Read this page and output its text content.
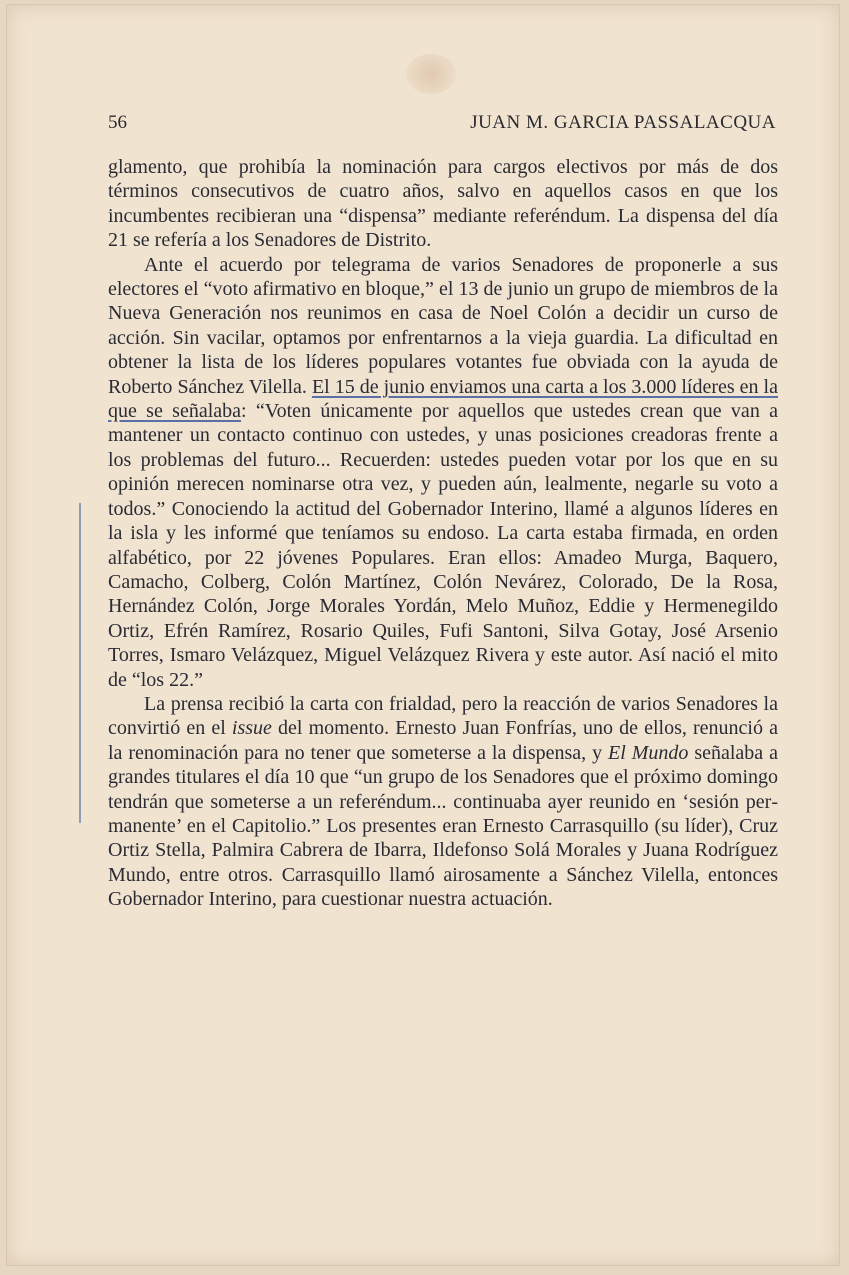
56	JUAN M. GARCIA PASSALACQUA

glamento, que prohibía la nominación para cargos electivos por más de dos términos consecutivos de cuatro años, salvo en aquellos casos en que los incumbentes recibieran una “dispensa” mediante referéndum. La dispensa del día 21 se refería a los Senadores de Distrito.

Ante el acuerdo por telegrama de varios Senadores de proponerle a sus electores el “voto afirmativo en bloque,” el 13 de junio un grupo de miembros de la Nueva Generación nos reunimos en casa de Noel Colón a decidir un curso de acción. Sin vacilar, optamos por enfrentarnos a la vieja guardia. La dificultad en obtener la lista de los líderes populares votantes fue obviada con la ayuda de Roberto Sánchez Vilella. El 15 de junio enviamos una carta a los 3.000 líderes en la que se señalaba: “Voten únicamente por aquellos que ustedes crean que van a mantener un contacto continuo con ustedes, y unas posiciones creadoras frente a los problemas del futuro... Recuerden: ustedes pueden votar por los que en su opinión merecen nominarse otra vez, y pueden aún, lealmente, negarle su voto a todos.” Conociendo la actitud del Gobernador Interino, llamé a algunos líderes en la isla y les informé que teníamos su endoso. La carta estaba firmada, en orden alfabético, por 22 jóvenes Populares. Eran ellos: Amadeo Murga, Baquero, Camacho, Colberg, Colón Martínez, Colón Nevárez, Colorado, De la Rosa, Hernández Colón, Jorge Morales Yordán, Melo Muñoz, Eddie y Hermenegildo Ortiz, Efrén Ramírez, Rosario Quiles, Fufi Santoni, Silva Gotay, José Arsenio Torres, Ismaro Velázquez, Miguel Velázquez Rivera y este autor. Así nació el mito de “los 22.”

La prensa recibió la carta con frialdad, pero la reacción de varios Senadores la convirtió en el issue del momento. Ernesto Juan Fonfrías, uno de ellos, renunció a la renominación para no tener que someterse a la dispensa, y El Mundo señalaba a grandes titulares el día 10 que “un grupo de los Senadores que el próximo domingo tendrán que someterse a un referéndum... continuaba ayer reunido en ‘sesión permanente’ en el Capitolio.” Los presentes eran Ernesto Carrasquillo (su líder), Cruz Ortiz Stella, Palmira Cabrera de Ibarra, Ildefonso Solá Morales y Juana Rodríguez Mundo, entre otros. Carrasquillo llamó airosamente a Sánchez Vilella, entonces Gobernador Interino, para cuestionar nuestra actuación.
